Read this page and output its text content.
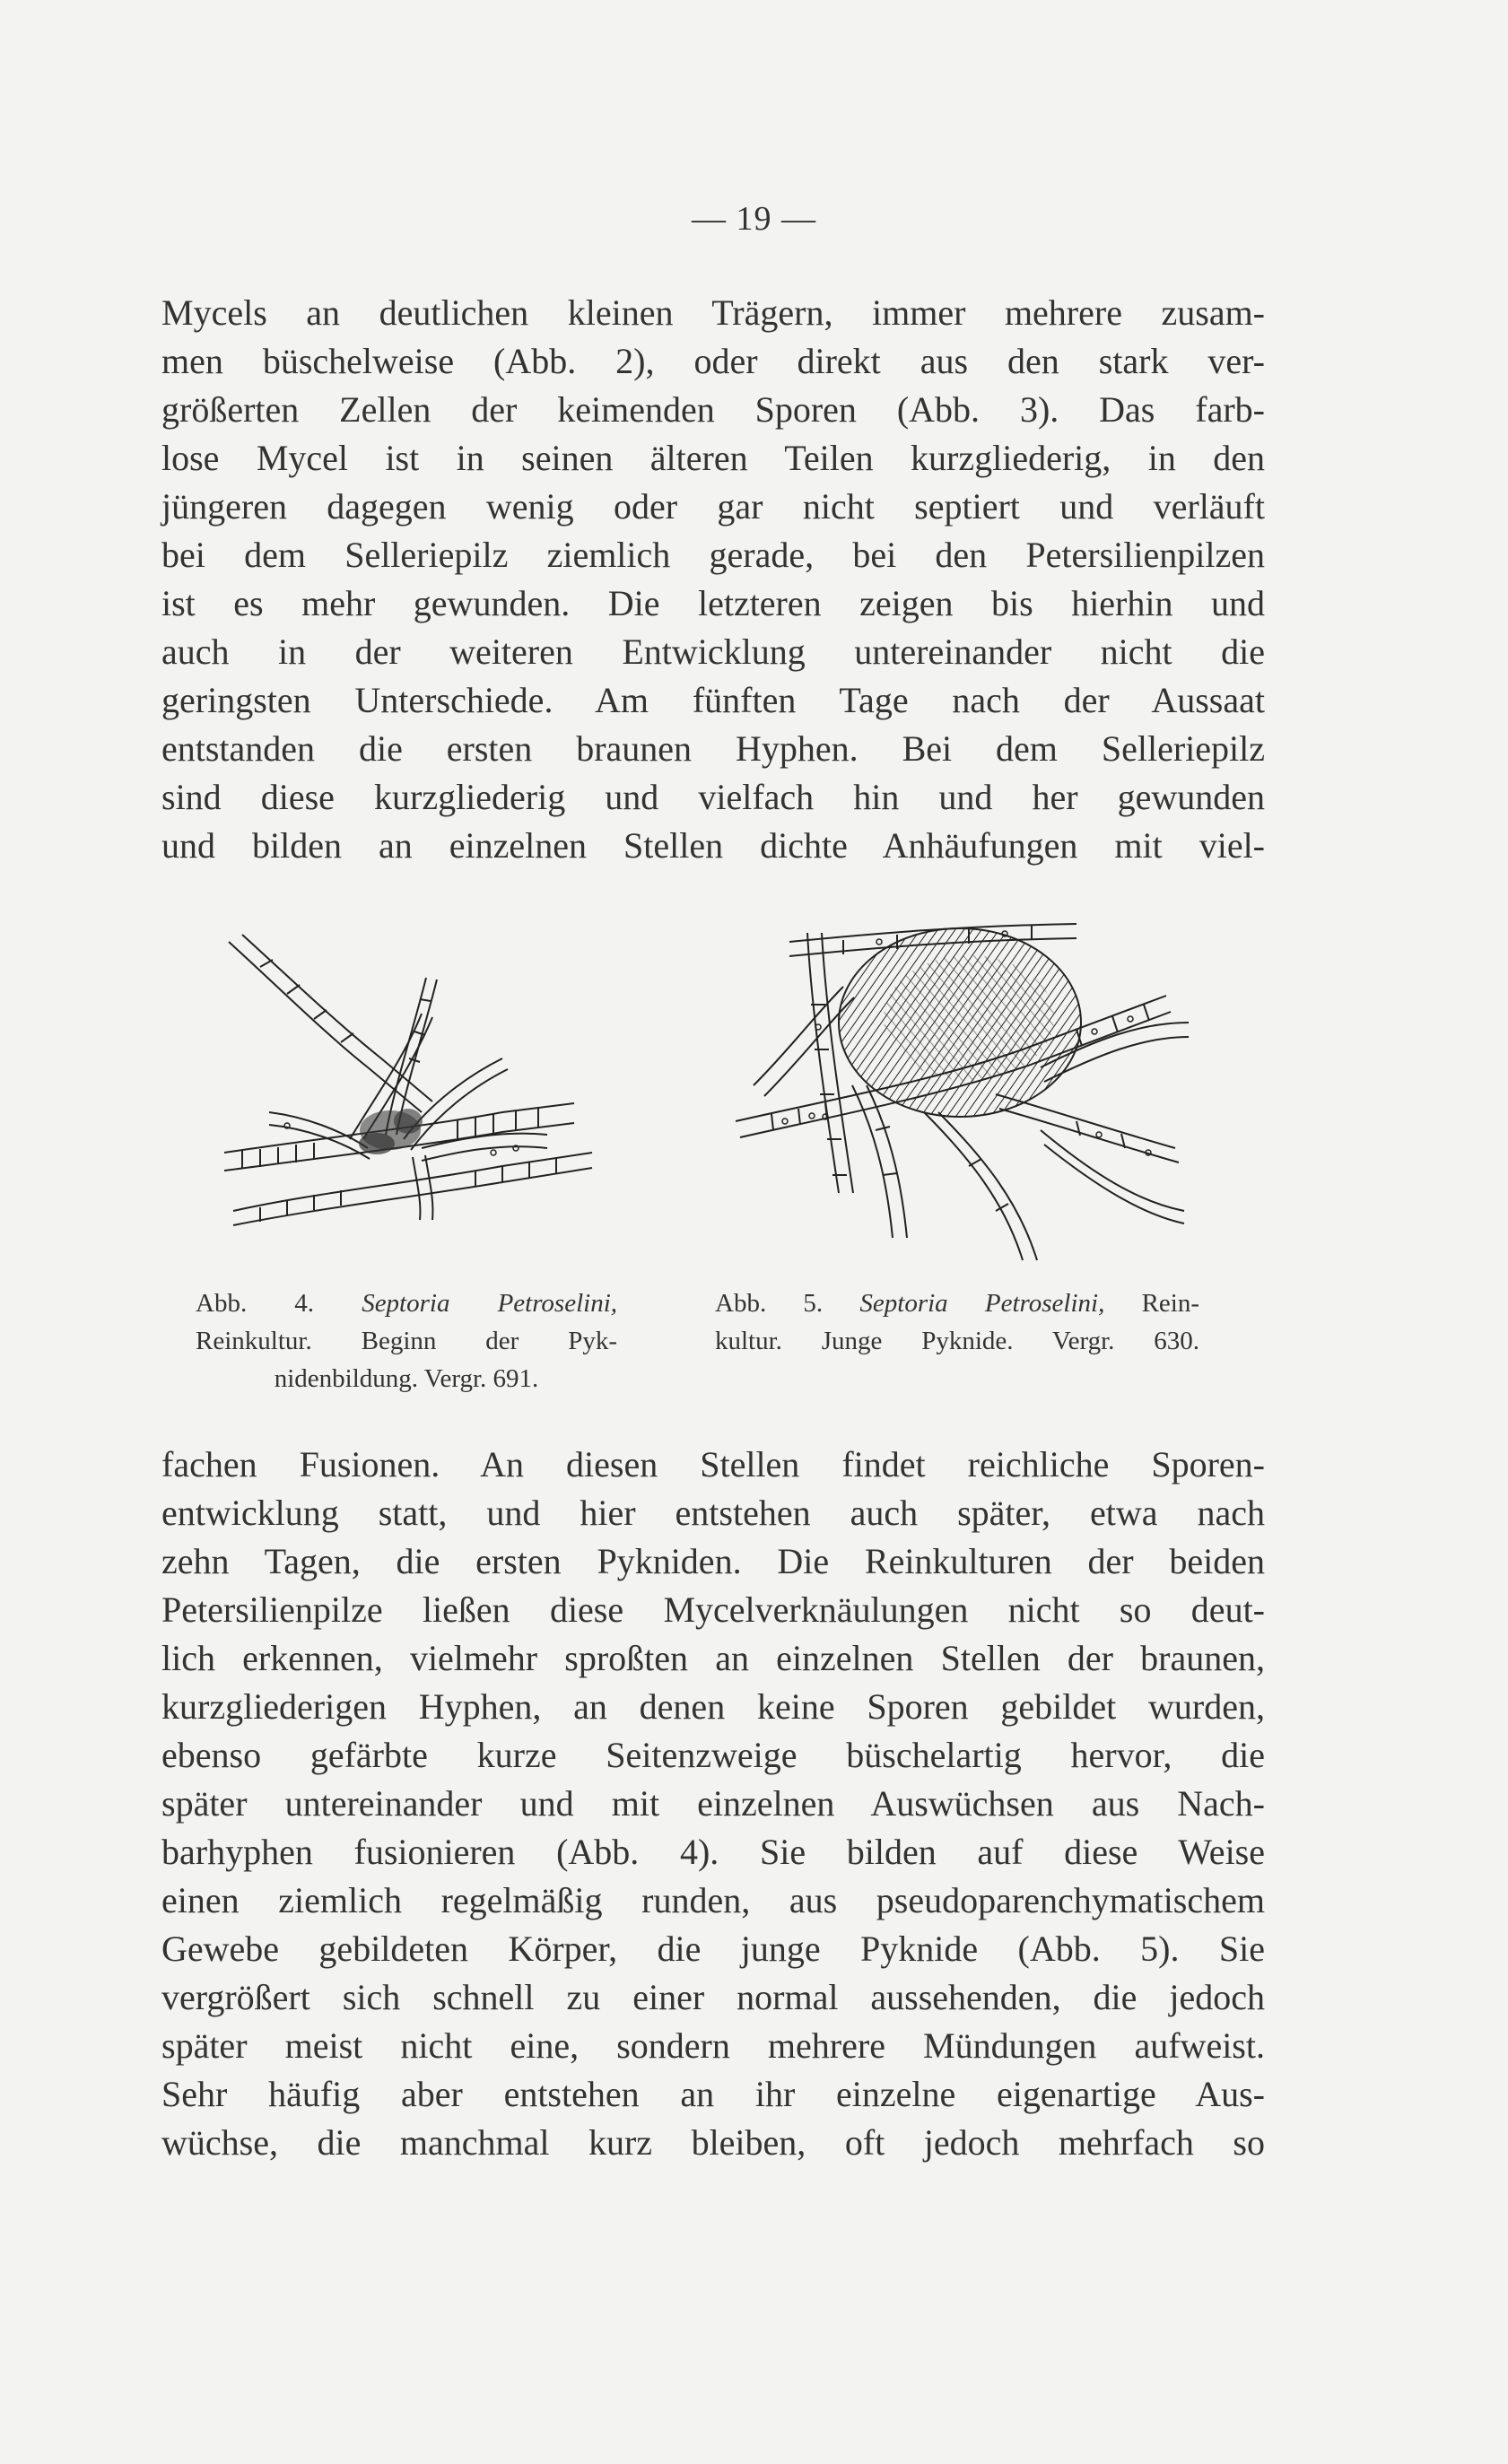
— 19 —
Mycels an deutlichen kleinen Trägern, immer mehrere zusam-
men büschelweise (Abb. 2), oder direkt aus den stark ver-
größerten Zellen der keimenden Sporen (Abb. 3). Das farb-
lose Mycel ist in seinen älteren Teilen kurzgliederig, in den
jüngeren dagegen wenig oder gar nicht septiert und verläuft
bei dem Selleriepilz ziemlich gerade, bei den Petersilienpilzen
ist es mehr gewunden. Die letzteren zeigen bis hierhin und
auch in der weiteren Entwicklung untereinander nicht die
geringsten Unterschiede. Am fünften Tage nach der Aussaat
entstanden die ersten braunen Hyphen. Bei dem Selleriepilz
sind diese kurzgliederig und vielfach hin und her gewunden
und bilden an einzelnen Stellen dichte Anhäufungen mit viel-
Abb. 4. Septoria Petroselini,
Reinkultur. Beginn der Pyk-
nidenbildung. Vergr. 691.
Abb. 5. Septoria Petroselini, Rein-
kultur. Junge Pyknide. Vergr. 630.
fachen Fusionen. An diesen Stellen findet reichliche Sporen-
entwicklung statt, und hier entstehen auch später, etwa nach
zehn Tagen, die ersten Pykniden. Die Reinkulturen der beiden
Petersilienpilze ließen diese Mycelverknäulungen nicht so deut-
lich erkennen, vielmehr sproßten an einzelnen Stellen der braunen,
kurzgliederigen Hyphen, an denen keine Sporen gebildet wurden,
ebenso gefärbte kurze Seitenzweige büschelartig hervor, die
später untereinander und mit einzelnen Auswüchsen aus Nach-
barhyphen fusionieren (Abb. 4). Sie bilden auf diese Weise
einen ziemlich regelmäßig runden, aus pseudoparenchymatischem
Gewebe gebildeten Körper, die junge Pyknide (Abb. 5). Sie
vergrößert sich schnell zu einer normal aussehenden, die jedoch
später meist nicht eine, sondern mehrere Mündungen aufweist.
Sehr häufig aber entstehen an ihr einzelne eigenartige Aus-
wüchse, die manchmal kurz bleiben, oft jedoch mehrfach so
